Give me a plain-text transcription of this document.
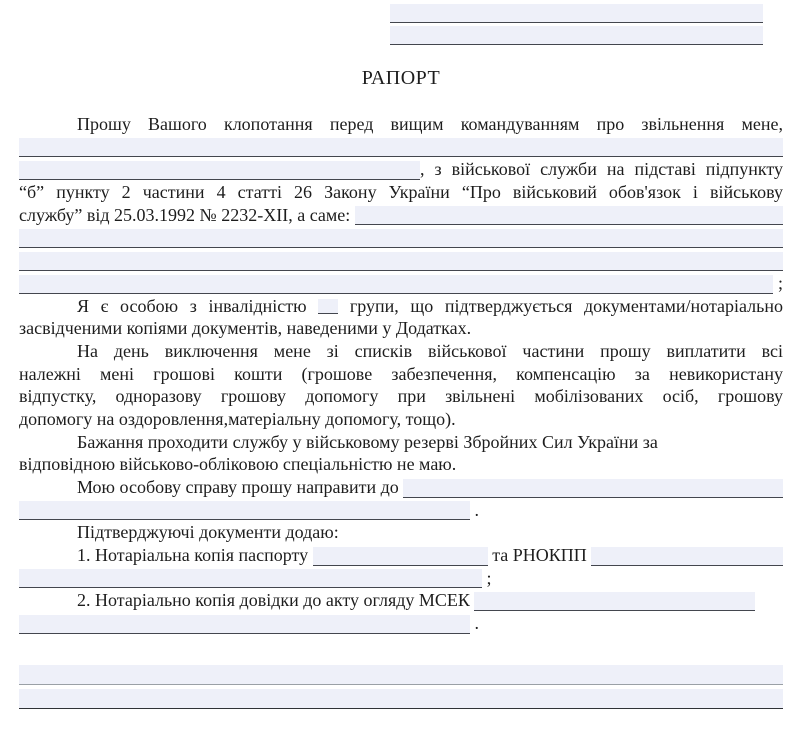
РАПОРТ
Прошу Вашого клопотання перед вищим командуванням про звільнення мене,
, з військової служби на підставі підпункту
“б” пункту 2 частини 4 статті 26 Закону України “Про військовий обов'язок і військову
службу” від 25.03.1992 № 2232-XII, а саме:
;
Я є особою з інвалідністю  групи, що підтверджується документами/нотаріально
засвідченими копіями документів, наведеними у Додатках.
На день виключення мене зі списків військової частини прошу виплатити всі
належні мені грошові кошти (грошове забезпечення, компенсацію за невикористану
відпустку, одноразову грошову допомогу при звільнені мобілізованих осіб, грошову
допомогу на оздоровлення,матеріальну допомогу, тощо).
Бажання проходити службу у військовому резерві Збройних Сил України за
відповідною військово-обліковою спеціальністю не маю.
Мою особову справу прошу направити до
.
Підтверджуючі документи додаю:
1. Нотаріальна копія паспорту	та РНОКПП
;
2. Нотаріально копія довідки до акту огляду МСЕК
.
